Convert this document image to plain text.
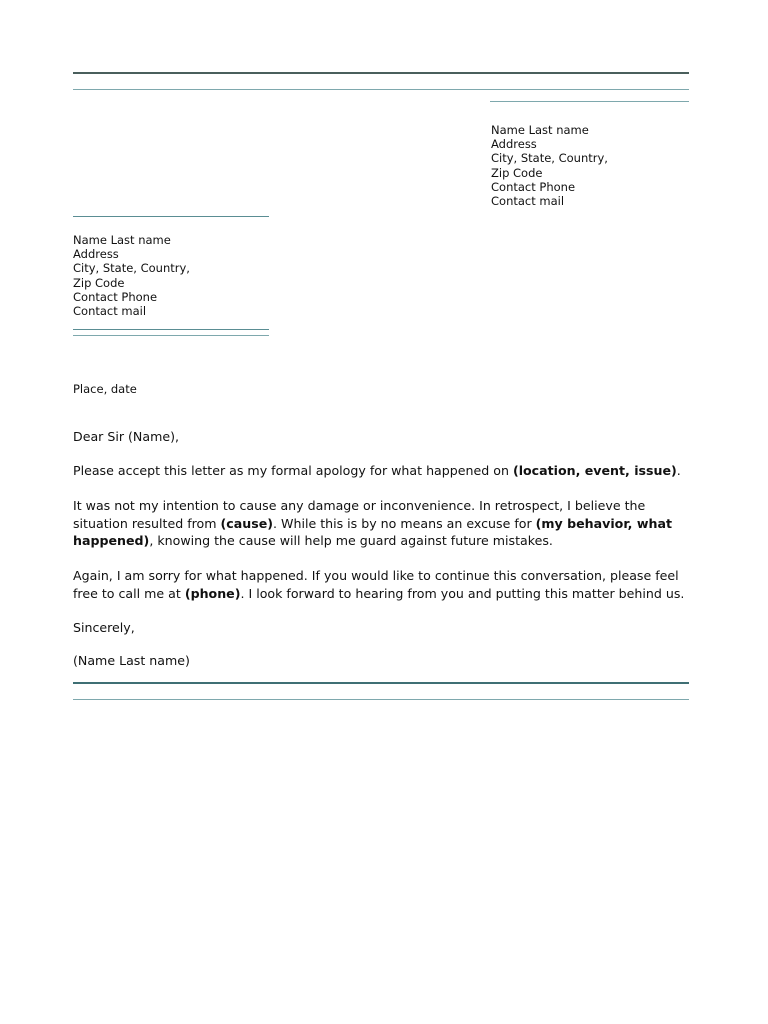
Name Last name
Address
City, State, Country,
Zip Code
Contact Phone
Contact mail
Name Last name
Address
City, State, Country,
Zip Code
Contact Phone
Contact mail
Place, date
Dear Sir (Name),

Please accept this letter as my formal apology for what happened on (location, event, issue).

It was not my intention to cause any damage or inconvenience. In retrospect, I believe the situation resulted from (cause). While this is by no means an excuse for (my behavior, what happened), knowing the cause will help me guard against future mistakes.

Again, I am sorry for what happened. If you would like to continue this conversation, please feel free to call me at (phone). I look forward to hearing from you and putting this matter behind us.

Sincerely,
(Name Last name)
